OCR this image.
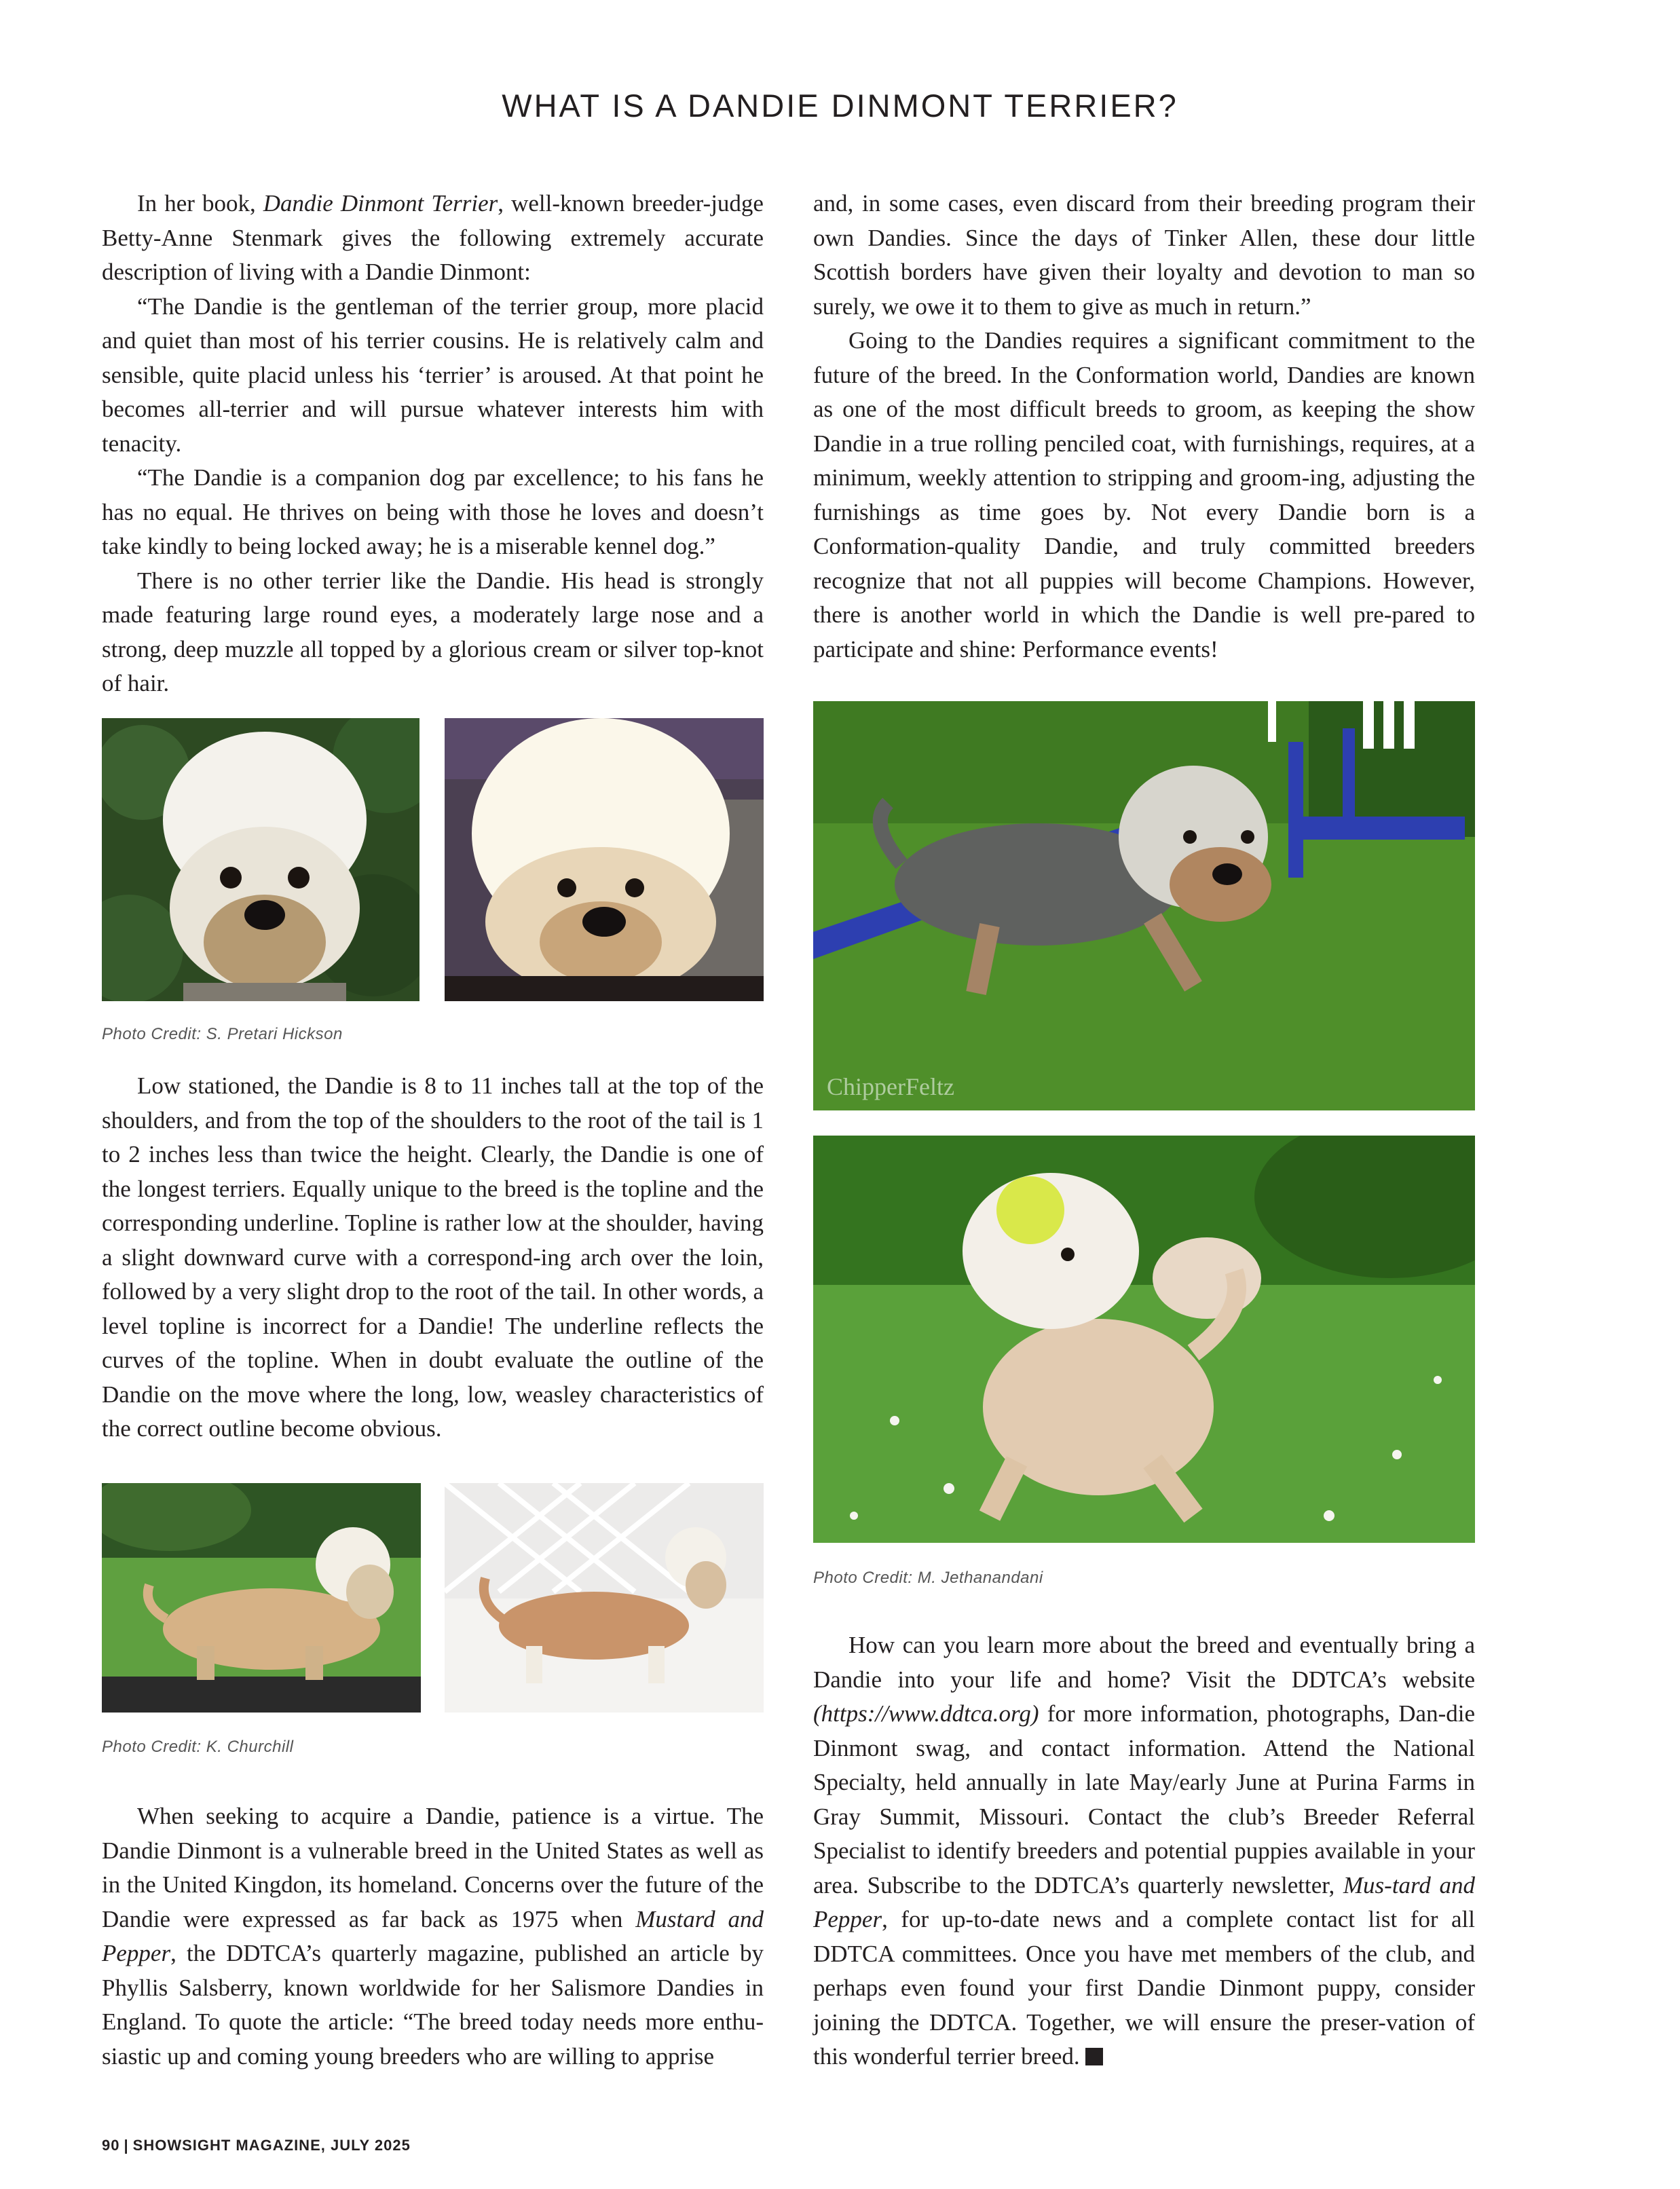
WHAT IS A DANDIE DINMONT TERRIER?

In her book, Dandie Dinmont Terrier, well-known breeder-judge Betty-Anne Stenmark gives the following extremely accurate description of living with a Dandie Dinmont:

“The Dandie is the gentleman of the terrier group, more placid and quiet than most of his terrier cousins. He is relatively calm and sensible, quite placid unless his ‘terrier’ is aroused. At that point he becomes all-terrier and will pursue whatever interests him with tenacity.

“The Dandie is a companion dog par excellence; to his fans he has no equal. He thrives on being with those he loves and doesn’t take kindly to being locked away; he is a miserable kennel dog.”

There is no other terrier like the Dandie. His head is strongly made featuring large round eyes, a moderately large nose and a strong, deep muzzle all topped by a glorious cream or silver top-knot of hair.

Photo Credit: S. Pretari Hickson

Low stationed, the Dandie is 8 to 11 inches tall at the top of the shoulders, and from the top of the shoulders to the root of the tail is 1 to 2 inches less than twice the height. Clearly, the Dandie is one of the longest terriers. Equally unique to the breed is the topline and the corresponding underline. Topline is rather low at the shoulder, having a slight downward curve with a correspond-ing arch over the loin, followed by a very slight drop to the root of the tail. In other words, a level topline is incorrect for a Dandie! The underline reflects the curves of the topline. When in doubt evaluate the outline of the Dandie on the move where the long, low, weasley characteristics of the correct outline become obvious.

Photo Credit: K. Churchill

When seeking to acquire a Dandie, patience is a virtue. The Dandie Dinmont is a vulnerable breed in the United States as well as in the United Kingdon, its homeland. Concerns over the future of the Dandie were expressed as far back as 1975 when Mustard and Pepper, the DDTCA’s quarterly magazine, published an article by Phyllis Salsberry, known worldwide for her Salismore Dandies in England. To quote the article: “The breed today needs more enthu-siastic up and coming young breeders who are willing to apprise

and, in some cases, even discard from their breeding program their own Dandies. Since the days of Tinker Allen, these dour little Scottish borders have given their loyalty and devotion to man so surely, we owe it to them to give as much in return.”

Going to the Dandies requires a significant commitment to the future of the breed. In the Conformation world, Dandies are known as one of the most difficult breeds to groom, as keeping the show Dandie in a true rolling penciled coat, with furnishings, requires, at a minimum, weekly attention to stripping and groom-ing, adjusting the furnishings as time goes by. Not every Dandie born is a Conformation-quality Dandie, and truly committed breeders recognize that not all puppies will become Champions. However, there is another world in which the Dandie is well pre-pared to participate and shine: Performance events!

ChipperFeltz
Photo Credit: M. Jethanandani

How can you learn more about the breed and eventually bring a Dandie into your life and home? Visit the DDTCA’s website (https://www.ddtca.org) for more information, photographs, Dan-die Dinmont swag, and contact information. Attend the National Specialty, held annually in late May/early June at Purina Farms in Gray Summit, Missouri. Contact the club’s Breeder Referral Specialist to identify breeders and potential puppies available in your area. Subscribe to the DDTCA’s quarterly newsletter, Mus-tard and Pepper, for up-to-date news and a complete contact list for all DDTCA committees. Once you have met members of the club, and perhaps even found your first Dandie Dinmont puppy, consider joining the DDTCA. Together, we will ensure the preser-vation of this wonderful terrier breed.

90 | SHOWSIGHT MAGAZINE, JULY 2025
